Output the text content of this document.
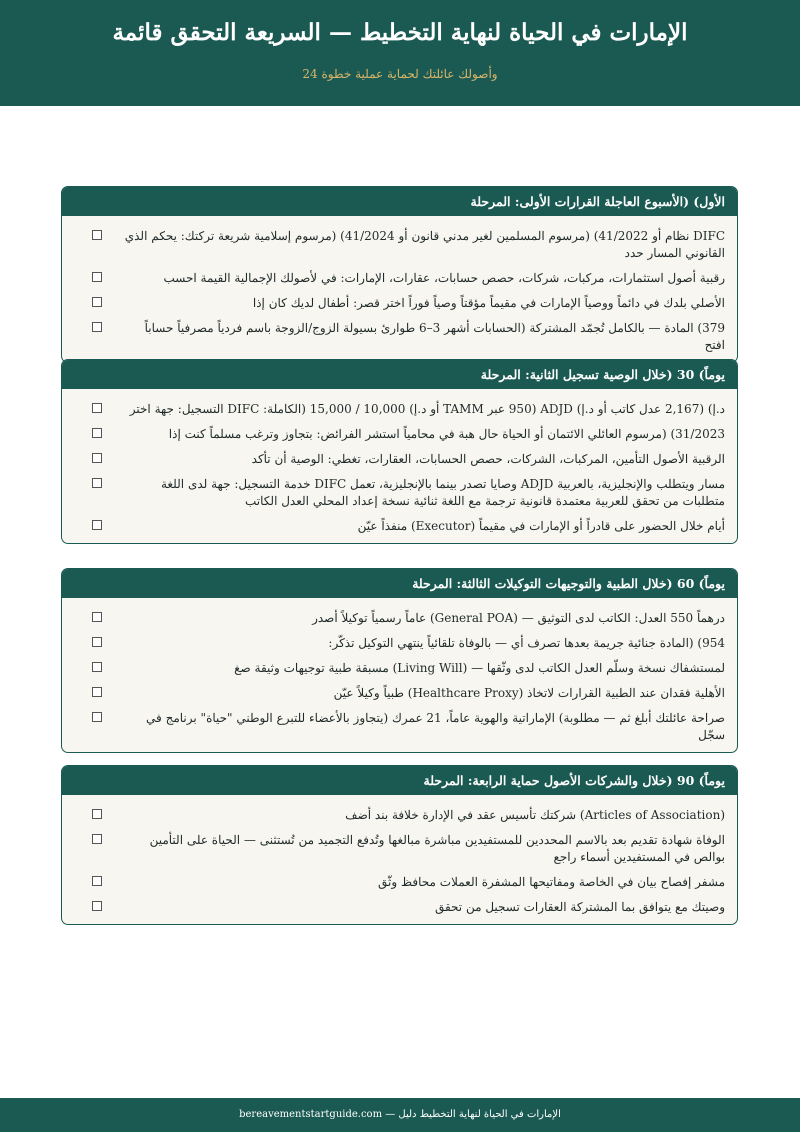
الإمارات في الحياة لنهاية التخطيط — السريعة التحقق قائمة
وأصولك عائلتك لحماية عملية خطوة 24
الأول) (الأسبوع العاجلة القرارات الأولى: المرحلة
DIFC نظام أو 41/2022) (مرسوم المسلمين لغير مدني قانون أو 41/2024) (مرسوم إسلامية شريعة تركتك: يحكم الذي القانوني المسار حدد
رقبية أصول استثمارات، مركبات، شركات، حصص حسابات، عقارات، الإمارات: في لأصولك الإجمالية القيمة احسب
الأصلي بلدك في دائماً ووصياً الإمارات في مقيماً مؤقتاً وصياً فوراً اختر قصر: أطفال لديك كان إذا
379) المادة — بالكامل تُجمّد المشتركة (الحسابات أشهر 3–6 طوارئ بسيولة الزوج/الزوجة باسم فردياً مصرفياً حساباً افتح
يوماً) 30 (خلال الوصية تسجيل الثانية: المرحلة
د.إ) (2,167 عدل كاتب أو د.إ) ADJD (950 عبر TAMM أو د.إ) 10,000 / 15,000 (الكاملة: DIFC التسجيل: جهة اختر
31/2023) (مرسوم العائلي الائتمان أو الحياة حال هبة في محامياً استشر الفرائض: بتجاوز وترغب مسلماً كنت إذا
الرقبية الأصول التأمين، المركبات، الشركات، حصص الحسابات، العقارات، تغطي: الوصية أن تأكد
مسار ويتطلب والإنجليزية، بالعربية ADJD وصايا تصدر بينما بالإنجليزية، تعمل DIFC خدمة التسجيل: جهة لدى اللغة متطلبات من تحقق للعربية معتمدة قانونية ترجمة مع اللغة ثنائية نسخة إعداد المحلي العدل الكاتب
أيام خلال الحضور على قادراً أو الإمارات في مقيماً (Executor) منفذاً عيّن
يوماً) 60 (خلال الطبية والتوجيهات التوكيلات الثالثة: المرحلة
درهماً 550 العدل: الكاتب لدى التوثيق — (General POA) عاماً رسمياً توكيلاً أصدر
954) (المادة جنائية جريمة بعدها تصرف أي — بالوفاة تلقائياً ينتهي التوكيل تذكّر:
لمستشفاك نسخة وسلّم العدل الكاتب لدى وثّقها — (Living Will) مسبقة طبية توجيهات وثيقة صغ
الأهلية فقدان عند الطبية القرارات لاتخاذ (Healthcare Proxy) طبياً وكيلاً عيّن
صراحة عائلتك أبلغ ثم — مطلوبة) الإماراتية والهوية عاماً، 21 عمرك (يتجاوز بالأعضاء للتبرع الوطني "حياة" برنامج في سجّل
يوماً) 90 (خلال والشركات الأصول حماية الرابعة: المرحلة
(Articles of Association) شركتك تأسيس عقد في الإدارة خلافة بند أضف
الوفاة شهادة تقديم بعد بالاسم المحددين للمستفيدين مباشرة مبالغها وتُدفع التجميد من تُستثنى — الحياة على التأمين بوالص في المستفيدين أسماء راجع
مشفر إفصاح بيان في الخاصة ومفاتيحها المشفرة العملات محافظ وثّق
وصيتك مع يتوافق بما المشتركة العقارات تسجيل من تحقق
الإمارات في الحياة لنهاية التخطيط دليل — bereavementstartguide.com
